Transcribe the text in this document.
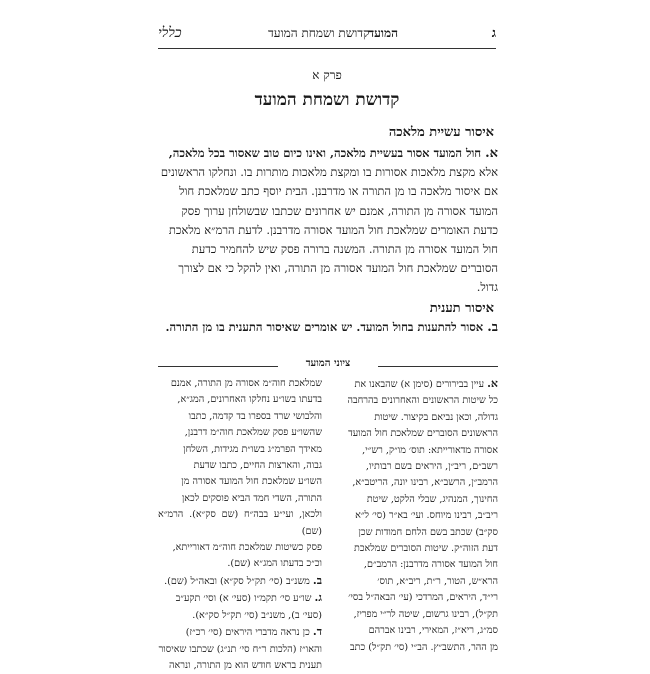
ג
המועד
קדושת ושמחת המועד
כללי
פרק א
קדושת ושמחת המועד
איסור עשיית מלאכה
א. חול המועד אסור בעשיית מלאכה, ואינו כיום טוב שאסור בכל מלאכה,
אלא מקצת מלאכות אסורות בו ומקצת מלאכות מותרות בו. ונחלקו הראשונים
אם איסור מלאכה בו מן התורה או מדרבנן. הבית יוסף כתב שמלאכת חול
המועד אסורה מן התורה, אמנם יש אחרונים שכתבו שבשולחן ערוך פסק
כדעת האומרים שמלאכת חול המועד אסורה מדרבנן. לדעת הרמ״א מלאכת
חול המועד אסורה מן התורה. המשנה ברורה פסק שיש להחמיר כדעת
הסוברים שמלאכת חול המועד אסורה מן התורה, ואין להקל כי אם לצורך
גדול.
איסור תענית
ב. אסור להתענות בחול המועד. יש אומרים שאיסור התענית בו מן התורה.
ציוני המועד
א. עיין בבירורים (סימן א) שהבאנו את
כל שיטות הראשונים והאחרונים בהרחבה
גדולה, וכאן נביאם בקיצור. שיטות
הראשונים הסוברים שמלאכת חול המועד
אסורה מדאורייתא: תוס׳ מו״ק, רש״י,
רשב״ם, ריב״ן, היראים בשם רבותיו,
הרמב״ן, הרשב״א, רבינו יונה, הריטב״א,
החינוך, המנהיג, שבלי הלקט, שיטת
ריב״ב, רבינו מיוחס. ועי׳ בא״ר (סי׳ ל״א
סק״ב) שכתב בשם הלחם חמודות שכן
דעת הזוה״ק. שיטות הסוברים שמלאכת
חול המועד אסורה מדרבנן: הרמב״ם,
הרא״ש, הטור, ר״ת, ריב״א, תוס׳
רי״ד, היראים, המרדכי (עי׳ הבאה״ל בסי׳
תק״ל), רבינו גרשום, שיטה לר״י מפריז,
סמ״ג, ריא״ז, המאירי, רבינו אברהם
מן ההר, התשב״ץ. הב״י (סי׳ תק״ל) כתב
שמלאכת חוה״מ אסורה מן התורה, אמנם
בדעתו בשו״ע נחלקו האחרונים, המג״א,
והלבושי שרד בספרו בד קדמה, כתבו
שהשו״ע פסק שמלאכת חוה״מ דרבנן,
מאידך הפרמ״ג בשו״ת מגידות, השלחן
גבוה, והארצות החיים, כתבו שדעת
השו״ע שמלאכת חול המועד אסורה מן
התורה, השדי חמד הביא פוסקים לכאן
ולכאן, ועי״ע בבה״ח (שם סק״א). הרמ״א (שם)
פסק כשיטות שמלאכת חוה״מ דאורייתא,
וכ״כ בדעתו המג״א (שם).
ב. משנ״ב (סי׳ תק״ל סק״א) ובאה״ל (שם).
ג. שו״ע סי׳ תקמ״ו (סעי׳ א) וסי׳ תקע״ב
(סעי׳ ב), משנ״ב (סי׳ תק״ל סק״א).
ד. כן נראה מדברי היראים (סי׳ רכ״ז)
והאו״ז (הלכות ר״ח סי׳ תנ״ג) שכתבו שאיסור
תענית בראש חודש הוא מן התורה, ונראה
